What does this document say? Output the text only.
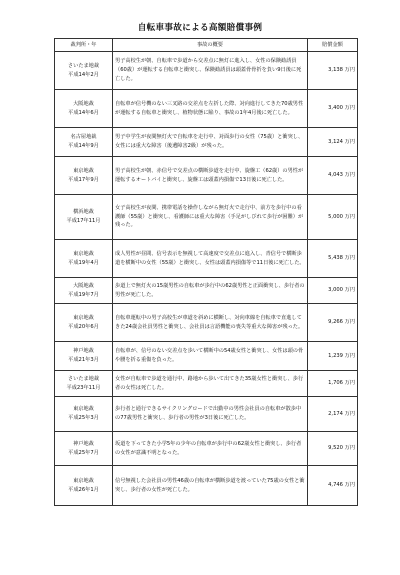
自転車事故による高額賠償事例
裁判所・年	事故の概要	賠償金額

さいたま地裁
平成14年2月	男子高校生が朝、自転車で歩道から交差点に無灯に進入し、女性の保険勧誘員（60歳）が運転する自転車と衝突し、保険勧誘員は頭蓋骨骨折を負い9日後に死亡した。	3,138 万円

大阪地裁
平成14年6月	自転車が信号機のない三叉路の交差点を左折した際、対向進行してきた70歳男性が運転する自転車と衝突し、植物状態に陥り、事故の1年4月後に死亡した。	3,400 万円

名古屋地裁
平成14年9月	男子中学生が夜間無灯火で自転車を走行中、対面歩行の女性（75歳）と衝突し、女性には重大な障害（後遺障害2級）が残った。	3,124 万円

東京地裁
平成17年9月	男子高校生が朝、赤信号で交差点の横断歩道を走行中、旋盤工（62歳）の男性が運転するオートバイと衝突し、旋盤工は頭蓋内損傷で13日後に死亡した。	4,043 万円

横浜地裁
平成17年11月	女子高校生が夜間、携帯電話を操作しながら無灯火で走行中、前方を歩行中の看護師（55歳）と衝突し、看護師には重大な障害（手足がしびれて歩行が困難）が残った。	5,000 万円

東京地裁
平成19年4月	成人男性が昼間、信号表示を無視して高速度で交差点に進入し、青信号で横断歩道を横断中の女性（55歳）と衝突し、女性は頭蓋内損傷等で11日後に死亡した。	5,438 万円

大阪地裁
平成19年7月	歩道上で無灯火の15歳男性の自転車が歩行中の62歳男性と正面衝突し、歩行者の男性が死亡した。	3,000 万円

東京地裁
平成20年6月	自転車運転中の男子高校生が車道を斜めに横断し、対向車線を自転車で直進してきた24歳会社員男性と衝突し、会社員は言語機能の喪失等重大な障害が残った。	9,266 万円

神戸地裁
平成21年3月	自転車が、信号のない交差点を歩いて横断中の54歳女性と衝突し、女性は頭の骨や腰を折る重傷を負った。	1,239 万円

さいたま地裁
平成23年11月	女性が自転車で歩道を通行中、路地から歩いて出てきた35歳女性と衝突し、歩行者の女性は死亡した。	1,706 万円

東京地裁
平成25年3月	歩行者と通行できるサイクリングロードで出勤中の男性会社員の自転車が散歩中の77歳男性と衝突し、歩行者の男性が3日後に死亡した。	2,174 万円

神戸地裁
平成25年7月	坂道を下ってきた小学5年の少年の自転車が歩行中の62歳女性と衝突し、歩行者の女性が意識不明となった。	9,520 万円

東京地裁
平成26年1月	信号無視した会社員の男性46歳の自転車が横断歩道を渡っていた75歳の女性と衝突し、歩行者の女性が死亡した。	4,746 万円
